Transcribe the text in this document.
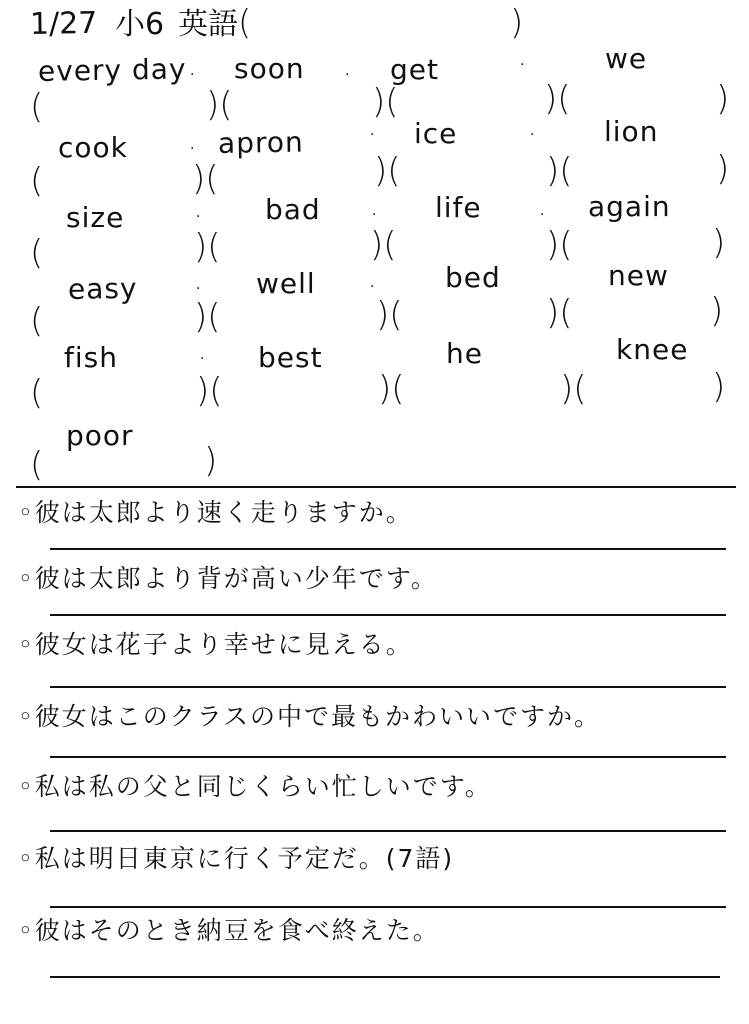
1/27 小6 英語 (	)
every day · soon	· get	·	we
(	)(	)(	)(	)
cook	· apron	· ice	· lion
(	)(	)(	)(	)
size	· bad	· life	· again
(	)(	)(	)(	)
easy	· well	·	bed	new
(	)(	)(	)(	)
fish	· best	he	knee
(	)(	)(	)(	)
poor
(	)
◦彼は太郎より速く走りますか。
◦彼は太郎より背が高い少年です。
◦彼女は花子より幸せに見える。
◦彼女はこのクラスの中で最もかわいいですか。
◦私は私の父と同じくらい忙しいです。
◦私は明日東京に行く予定だ。(7語)
◦彼はそのとき納豆を食べ終えた。
